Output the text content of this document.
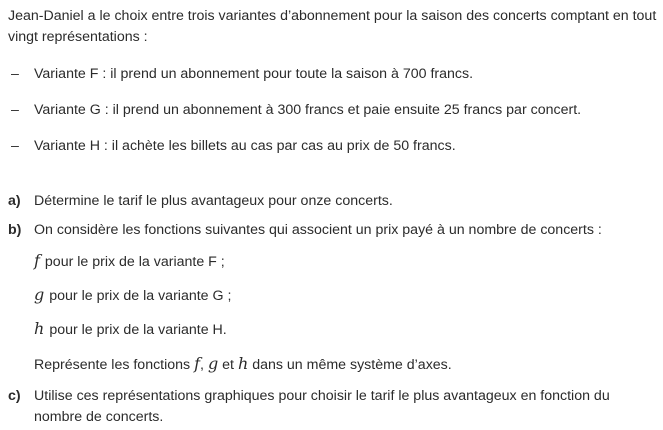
Jean-Daniel a le choix entre trois variantes d’abonnement pour la saison des concerts comptant en tout vingt représentations :

– Variante F : il prend un abonnement pour toute la saison à 700 francs.
– Variante G : il prend un abonnement à 300 francs et paie ensuite 25 francs par concert.
– Variante H : il achète les billets au cas par cas au prix de 50 francs.
a) Détermine le tarif le plus avantageux pour onze concerts.
b) On considère les fonctions suivantes qui associent un prix payé à un nombre de concerts :
f pour le prix de la variante F ;
g pour le prix de la variante G ;
h pour le prix de la variante H.
Représente les fonctions f, g et h dans un même système d’axes.
c) Utilise ces représentations graphiques pour choisir le tarif le plus avantageux en fonction du nombre de concerts.
